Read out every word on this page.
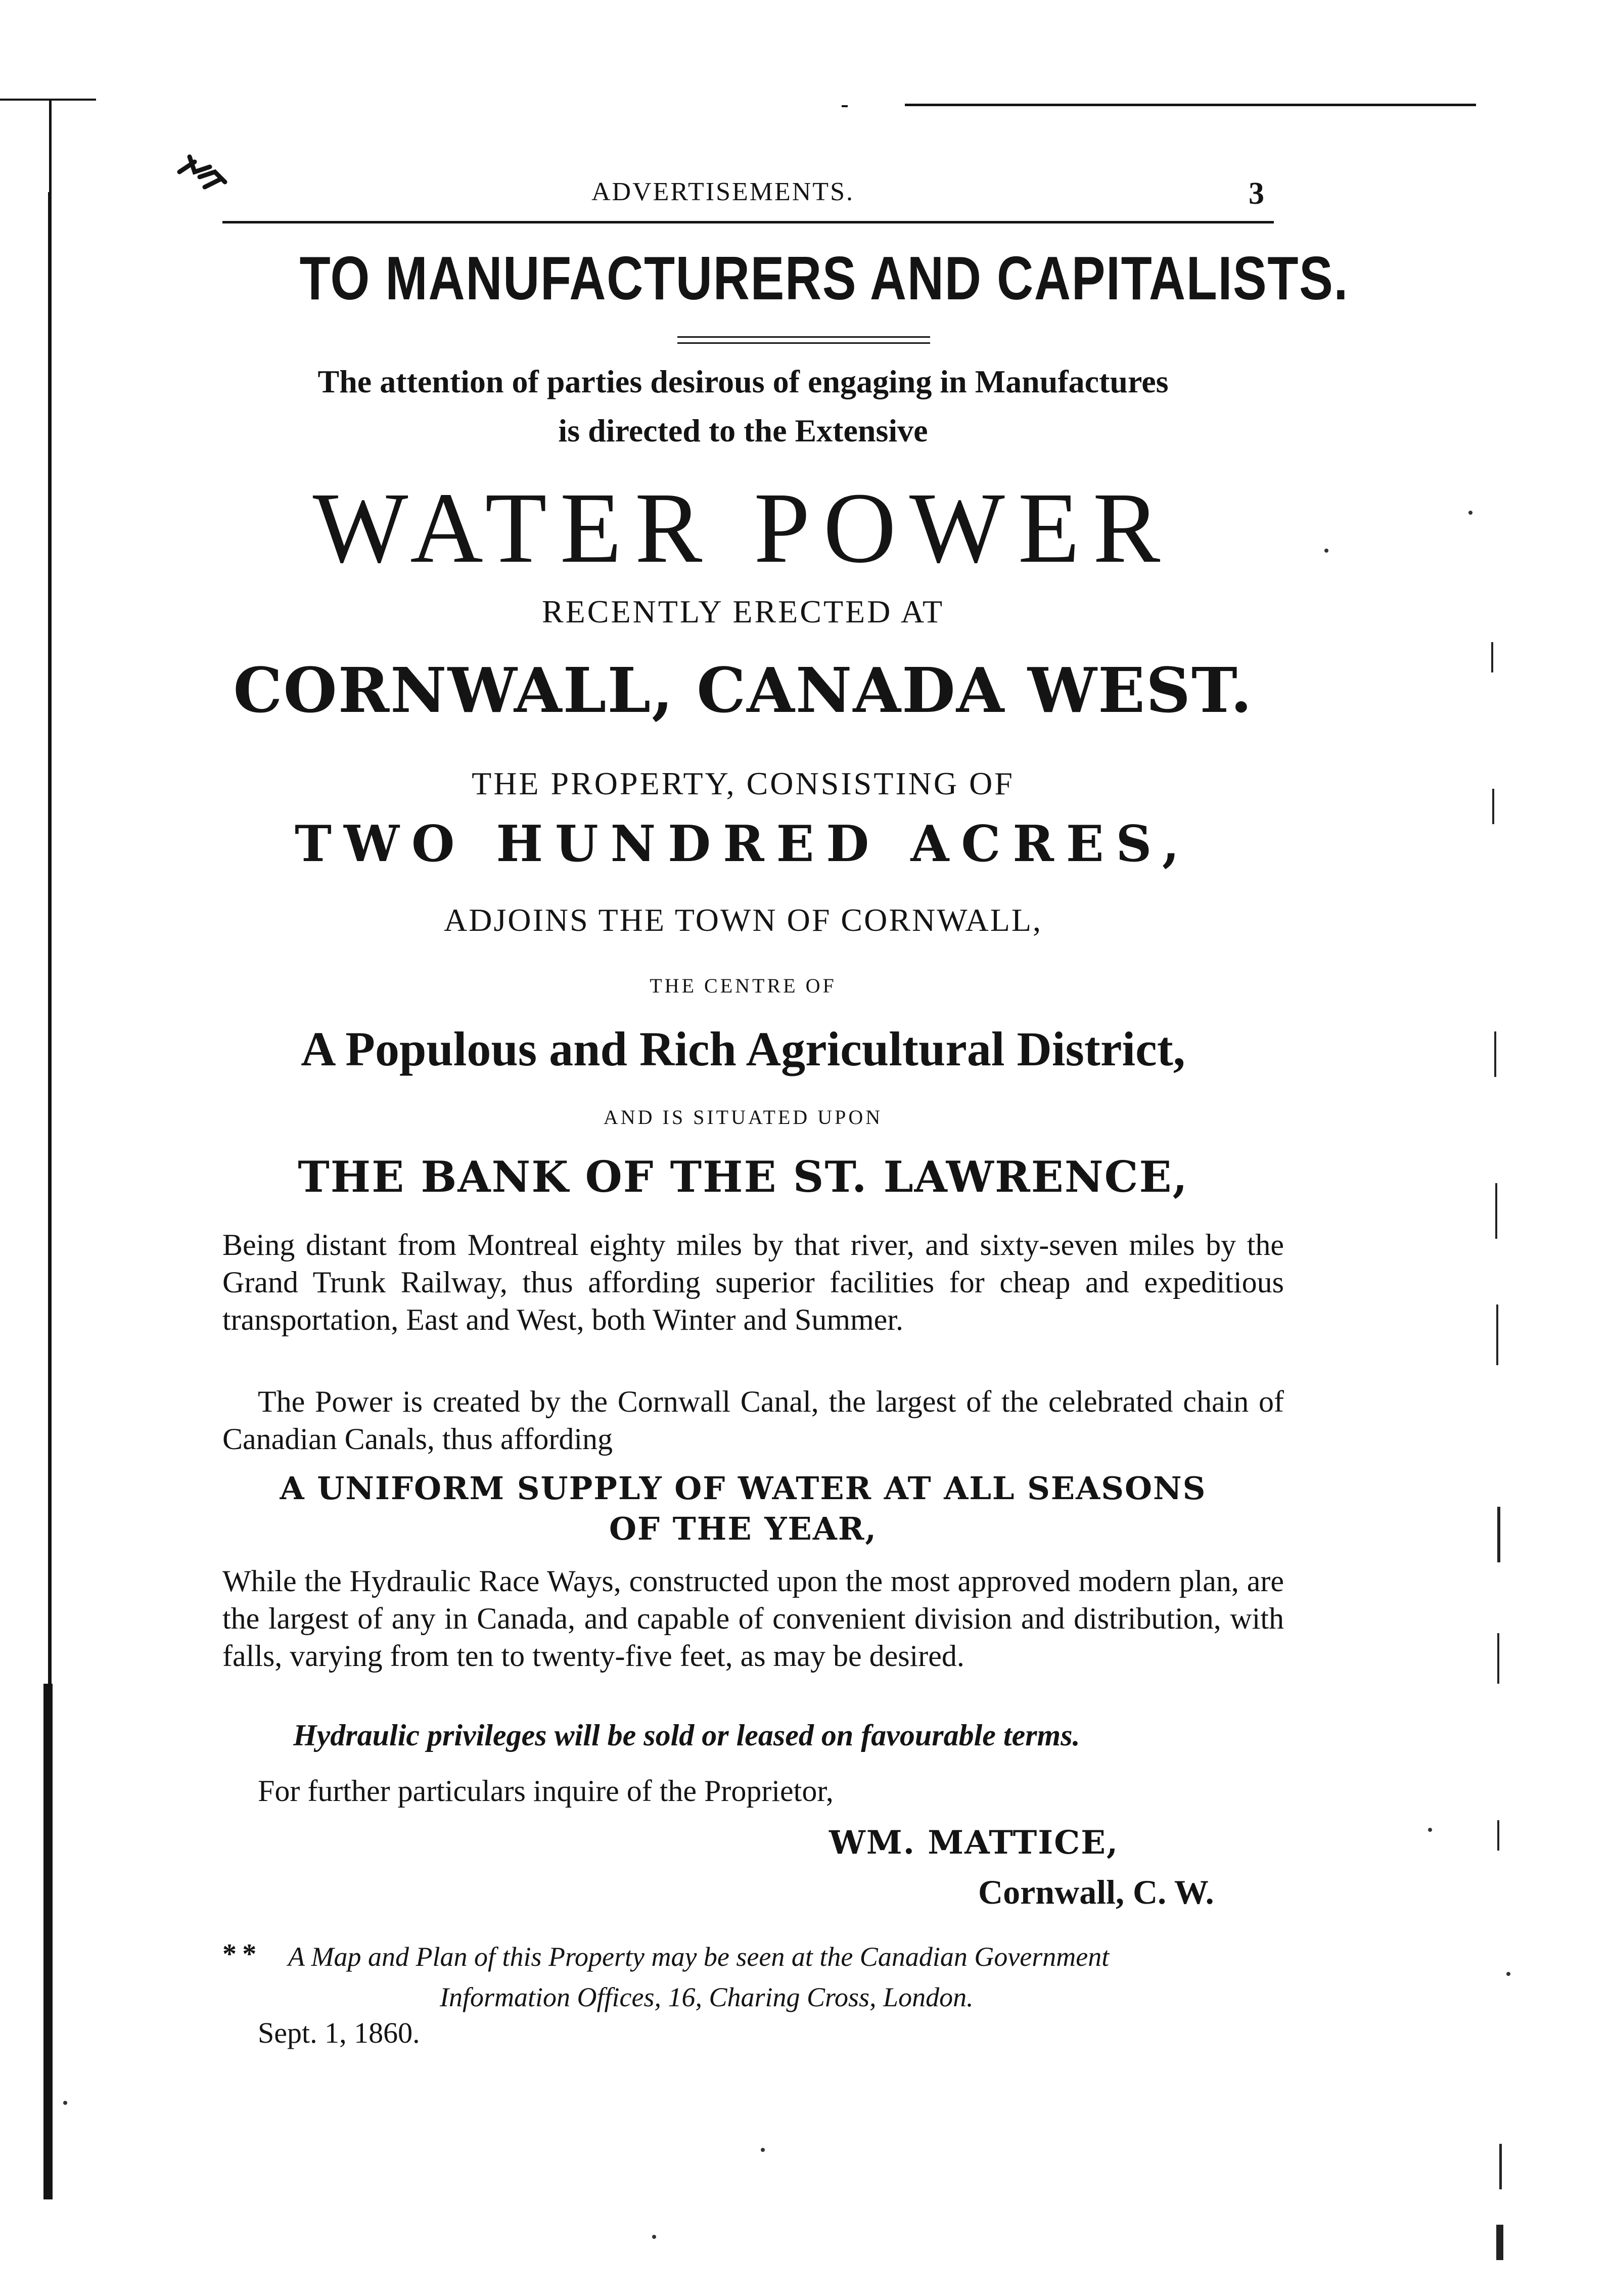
ADVERTISEMENTS.	3
TO MANUFACTURERS AND CAPITALISTS.
The attention of parties desirous of engaging in Manufactures
is directed to the Extensive
WATER POWER
RECENTLY ERECTED AT
CORNWALL, CANADA WEST.
THE PROPERTY, CONSISTING OF
TWO HUNDRED ACRES,
ADJOINS THE TOWN OF CORNWALL,
THE CENTRE OF
A Populous and Rich Agricultural District,
AND IS SITUATED UPON
THE BANK OF THE ST. LAWRENCE,
Being distant from Montreal eighty miles by that river, and sixty-seven miles by the Grand Trunk Railway, thus affording superior facilities for cheap and expeditious transportation, East and West, both Winter and Summer.
The Power is created by the Cornwall Canal, the largest of the celebrated chain of Canadian Canals, thus affording
A UNIFORM SUPPLY OF WATER AT ALL SEASONS
OF THE YEAR,
While the Hydraulic Race Ways, constructed upon the most approved modern plan, are the largest of any in Canada, and capable of convenient division and distribution, with falls, varying from ten to twenty-five feet, as may be desired.
Hydraulic privileges will be sold or leased on favourable terms.
For further particulars inquire of the Proprietor,
WM. MATTICE,
Cornwall, C. W.
* * A Map and Plan of this Property may be seen at the Canadian Government
Information Offices, 16, Charing Cross, London.
Sept. 1, 1860.
